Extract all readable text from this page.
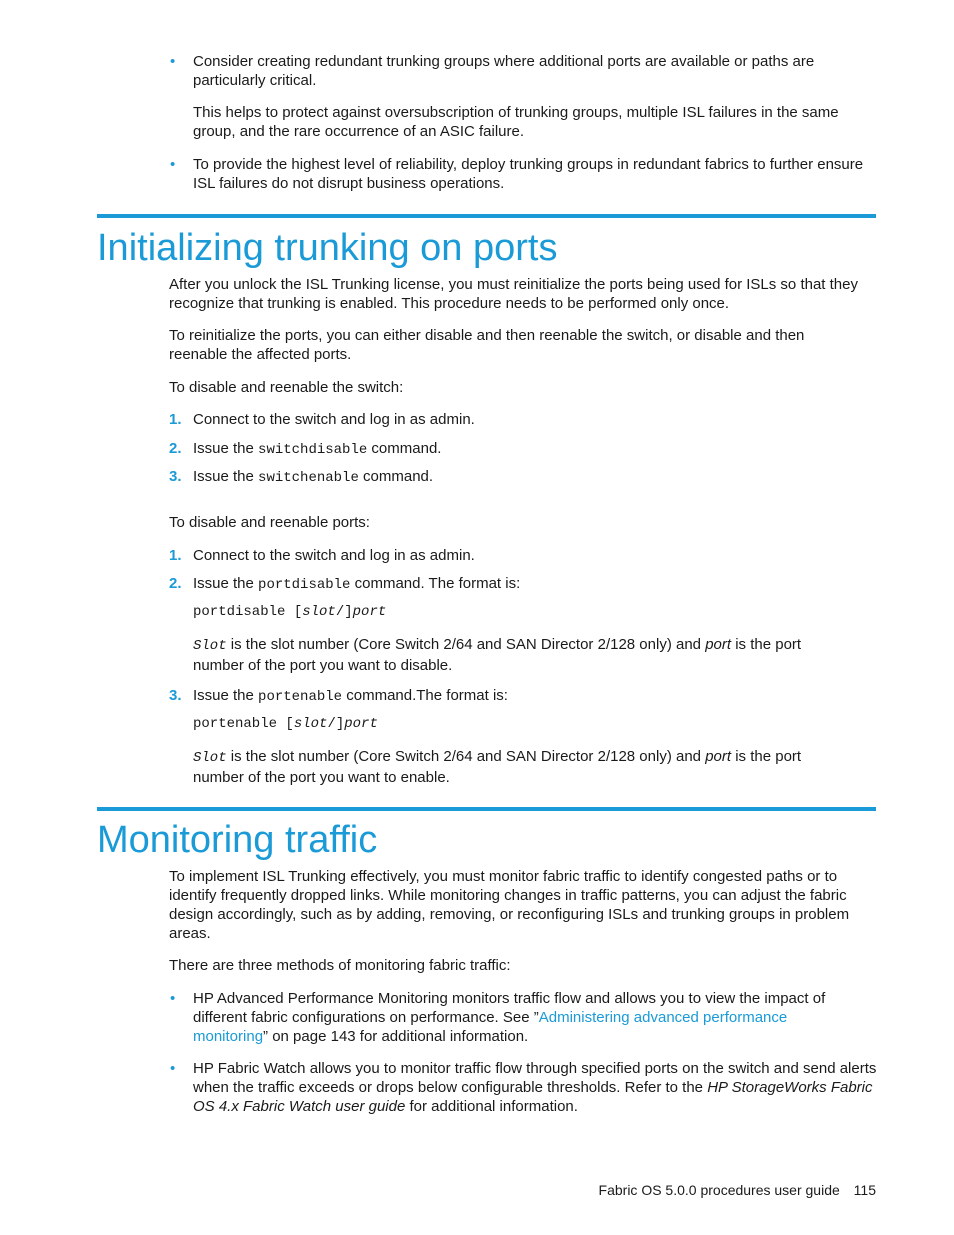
• Consider creating redundant trunking groups where additional ports are available or paths are particularly critical.

This helps to protect against oversubscription of trunking groups, multiple ISL failures in the same group, and the rare occurrence of an ASIC failure.

• To provide the highest level of reliability, deploy trunking groups in redundant fabrics to further ensure ISL failures do not disrupt business operations.

Initializing trunking on ports

After you unlock the ISL Trunking license, you must reinitialize the ports being used for ISLs so that they recognize that trunking is enabled. This procedure needs to be performed only once.

To reinitialize the ports, you can either disable and then reenable the switch, or disable and then reenable the affected ports.

To disable and reenable the switch:

1. Connect to the switch and log in as admin.

2. Issue the switchdisable command.

3. Issue the switchenable command.

To disable and reenable ports:

1. Connect to the switch and log in as admin.

2. Issue the portdisable command. The format is:

portdisable [slot/]port

Slot is the slot number (Core Switch 2/64 and SAN Director 2/128 only) and port is the port number of the port you want to disable.

3. Issue the portenable command.The format is:

portenable [slot/]port

Slot is the slot number (Core Switch 2/64 and SAN Director 2/128 only) and port is the port number of the port you want to enable.

Monitoring traffic

To implement ISL Trunking effectively, you must monitor fabric traffic to identify congested paths or to identify frequently dropped links. While monitoring changes in traffic patterns, you can adjust the fabric design accordingly, such as by adding, removing, or reconfiguring ISLs and trunking groups in problem areas.

There are three methods of monitoring fabric traffic:

• HP Advanced Performance Monitoring monitors traffic flow and allows you to view the impact of different fabric configurations on performance. See ”Administering advanced performance monitoring” on page 143 for additional information.

• HP Fabric Watch allows you to monitor traffic flow through specified ports on the switch and send alerts when the traffic exceeds or drops below configurable thresholds. Refer to the HP StorageWorks Fabric OS 4.x Fabric Watch user guide for additional information.

Fabric OS 5.0.0 procedures user guide 115
